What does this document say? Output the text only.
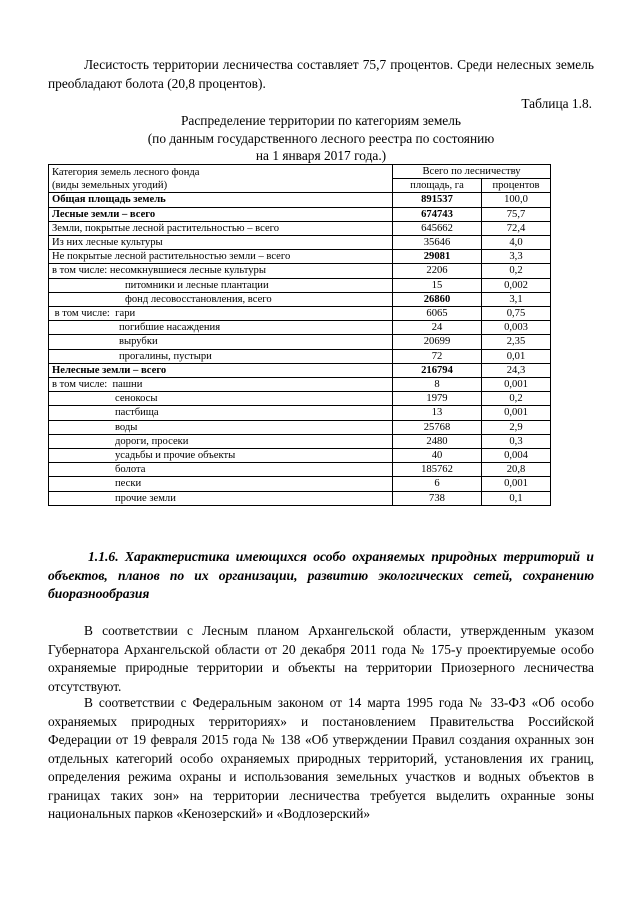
Лесистость территории лесничества составляет 75,7 процентов. Среди нелесных земель преобладают болота (20,8 процентов).

Таблица 1.8.

Распределение территории по категориям земель
(по данным государственного лесного реестра по состоянию
на 1 января 2017 года.)
Категория земель лесного фонда
(виды земельных угодий)	Всего по лесничеству	
	площадь, га	процентов
Общая площадь земель	891537	100,0
Лесные земли – всего	674743	75,7
Земли, покрытые лесной растительностью – всего	645662	72,4
Из них лесные культуры	35646	4,0
Не покрытые лесной растительностью земли – всего	29081	3,3
в том числе: несомкнувшиеся лесные культуры	2206	0,2
питомники и лесные плантации	15	0,002
фонд лесовосстановления, всего	26860	3,1
в том числе:  гари	6065	0,75
погибшие насаждения	24	0,003
вырубки	20699	2,35
прогалины, пустыри	72	0,01
Нелесные земли – всего	216794	24,3
в том числе:  пашни	8	0,001
сенокосы	1979	0,2
пастбища	13	0,001
воды	25768	2,9
дороги, просеки	2480	0,3
усадьбы и прочие объекты	40	0,004
болота	185762	20,8
пески	6	0,001
прочие земли	738	0,1

1.1.6. Характеристика имеющихся особо охраняемых природных территорий и объектов, планов по их организации, развитию экологических сетей, сохранению биоразнообразия

В соответствии с Лесным планом Архангельской области, утвержденным указом Губернатора Архангельской области от 20 декабря 2011 года № 175-у проектируемые особо охраняемые природные территории и объекты на территории Приозерного лесничества отсутствуют.

В соответствии с Федеральным законом от 14 марта 1995 года № 33-ФЗ «Об особо охраняемых природных территориях» и постановлением Правительства Российской Федерации от 19 февраля 2015 года № 138 «Об утверждении Правил создания охранных зон отдельных категорий особо охраняемых природных территорий, установления их границ, определения режима охраны и использования земельных участков и водных объектов в границах таких зон» на территории лесничества требуется выделить охранные зоны национальных парков «Кенозерский» и «Водлозерский»
